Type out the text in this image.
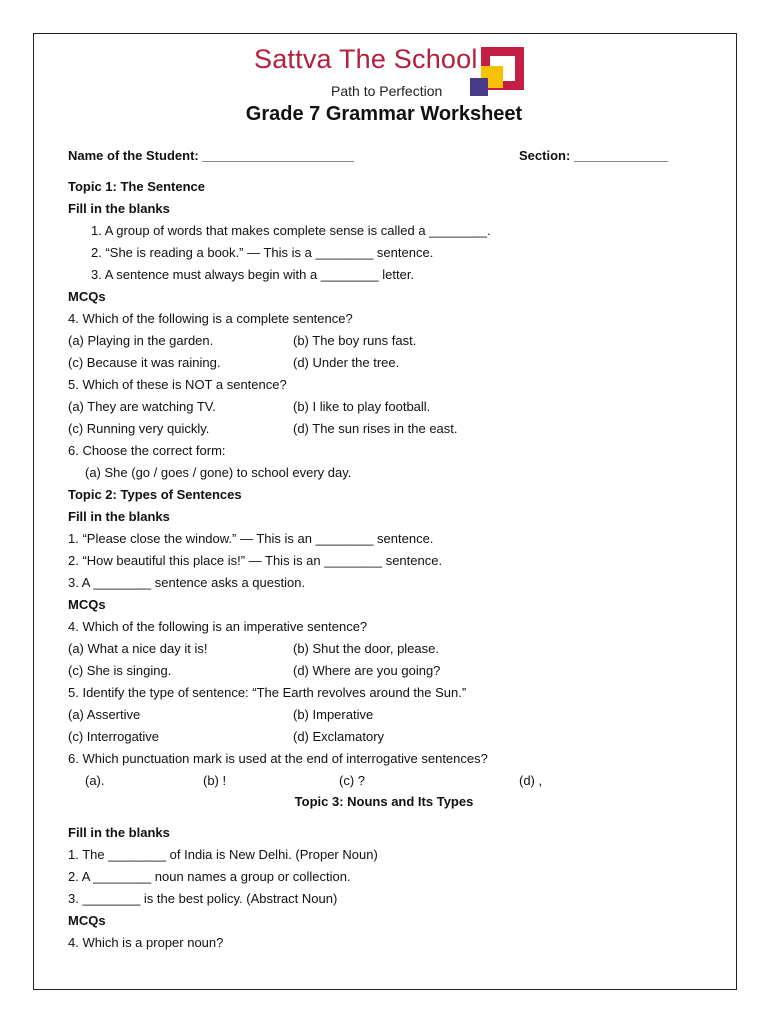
Sattva The School
Path to Perfection
Grade 7 Grammar Worksheet
Name of the Student: _____________________	Section: _____________
Topic 1: The Sentence
Fill in the blanks
1. A group of words that makes complete sense is called a ________.
2. “She is reading a book.” — This is a ________ sentence.
3. A sentence must always begin with a ________ letter.
MCQs
4. Which of the following is a complete sentence?
(a) Playing in the garden.	(b) The boy runs fast.
(c) Because it was raining.	(d) Under the tree.
5. Which of these is NOT a sentence?
(a) They are watching TV.	(b) I like to play football.
(c) Running very quickly.	(d) The sun rises in the east.
6. Choose the correct form:
(a) She (go / goes / gone) to school every day.
Topic 2: Types of Sentences
Fill in the blanks
1. “Please close the window.” — This is an ________ sentence.
2. “How beautiful this place is!” — This is an ________ sentence.
3. A ________ sentence asks a question.
MCQs
4. Which of the following is an imperative sentence?
(a) What a nice day it is!	(b) Shut the door, please.
(c) She is singing.	(d) Where are you going?
5. Identify the type of sentence: “The Earth revolves around the Sun.”
(a) Assertive	(b) Imperative
(c) Interrogative	(d) Exclamatory
6. Which punctuation mark is used at the end of interrogative sentences?
(a).	(b) !	(c) ?	(d) ,
Topic 3: Nouns and Its Types
Fill in the blanks
1. The ________ of India is New Delhi. (Proper Noun)
2. A ________ noun names a group or collection.
3. ________ is the best policy. (Abstract Noun)
MCQs
4. Which is a proper noun?
